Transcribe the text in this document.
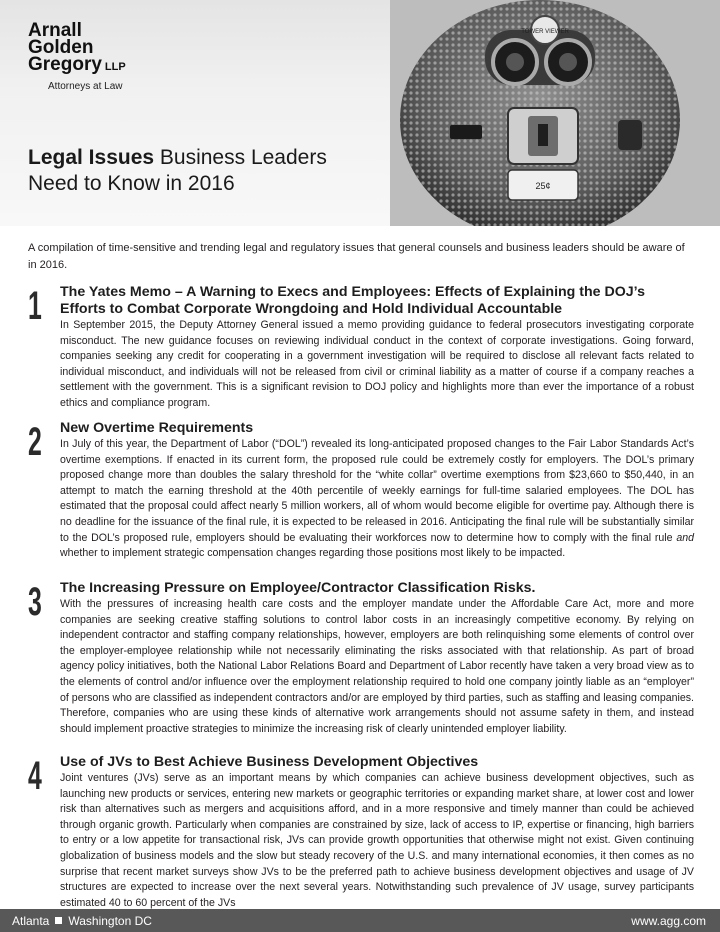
Arnall
Golden
Gregory LLP
Attorneys at Law
Legal Issues Business Leaders
Need to Know in 2016
TOWER VIEWER
25¢
A compilation of time-sensitive and trending legal and regulatory issues that general counsels and business leaders should be aware of in 2016.
1 The Yates Memo – A Warning to Execs and Employees: Effects of Explaining the DOJ’s Efforts to Combat Corporate Wrongdoing and Hold Individual Accountable
In September 2015, the Deputy Attorney General issued a memo providing guidance to federal prosecutors investigating corporate misconduct. The new guidance focuses on reviewing individual conduct in the context of corporate investigations. Going forward, companies seeking any credit for cooperating in a government investigation will be required to disclose all relevant facts related to individual misconduct, and individuals will not be released from civil or criminal liability as a matter of course if a company reaches a settlement with the government. This is a significant revision to DOJ policy and highlights more than ever the importance of a robust ethics and compliance program.
2 New Overtime Requirements
In July of this year, the Department of Labor (“DOL”) revealed its long-anticipated proposed changes to the Fair Labor Standards Act’s overtime exemptions. If enacted in its current form, the proposed rule could be extremely costly for employers. The DOL’s primary proposed change more than doubles the salary threshold for the “white collar” overtime exemptions from $23,660 to $50,440, in an attempt to match the earning threshold at the 40th percentile of weekly earnings for full-time salaried employees. The DOL has estimated that the proposal could affect nearly 5 million workers, all of whom would become eligible for overtime pay. Although there is no deadline for the issuance of the final rule, it is expected to be released in 2016. Anticipating the final rule will be substantially similar to the DOL’s proposed rule, employers should be evaluating their workforces now to determine how to comply with the final rule and whether to implement strategic compensation changes regarding those positions most likely to be impacted.
3 The Increasing Pressure on Employee/Contractor Classification Risks.
With the pressures of increasing health care costs and the employer mandate under the Affordable Care Act, more and more companies are seeking creative staffing solutions to control labor costs in an increasingly competitive economy. By relying on independent contractor and staffing company relationships, however, employers are both relinquishing some elements of control over the employer-employee relationship while not necessarily eliminating the risks associated with that relationship. As part of broad agency policy initiatives, both the National Labor Relations Board and Department of Labor recently have taken a very broad view as to the elements of control and/or influence over the employment relationship required to hold one company jointly liable as an “employer” of persons who are classified as independent contractors and/or are employed by third parties, such as staffing and leasing companies. Therefore, companies who are using these kinds of alternative work arrangements should not assume safety in them, and instead should implement proactive strategies to minimize the increasing risk of clearly unintended employer liability.
4 Use of JVs to Best Achieve Business Development Objectives
Joint ventures (JVs) serve as an important means by which companies can achieve business development objectives, such as launching new products or services, entering new markets or geographic territories or expanding market share, at lower cost and lower risk than alternatives such as mergers and acquisitions afford, and in a more responsive and timely manner than could be achieved through organic growth. Particularly when companies are constrained by size, lack of access to IP, expertise or financing, high barriers to entry or a low appetite for transactional risk, JVs can provide growth opportunities that otherwise might not exist. Given continuing globalization of business models and the slow but steady recovery of the U.S. and many international economies, it then comes as no surprise that recent market surveys show JVs to be the preferred path to achieve business development objectives and usage of JV structures are expected to increase over the next several years. Notwithstanding such prevalence of JV usage, survey participants estimated 40 to 60 percent of the JVs
Atlanta Washington DC	www.agg.com
